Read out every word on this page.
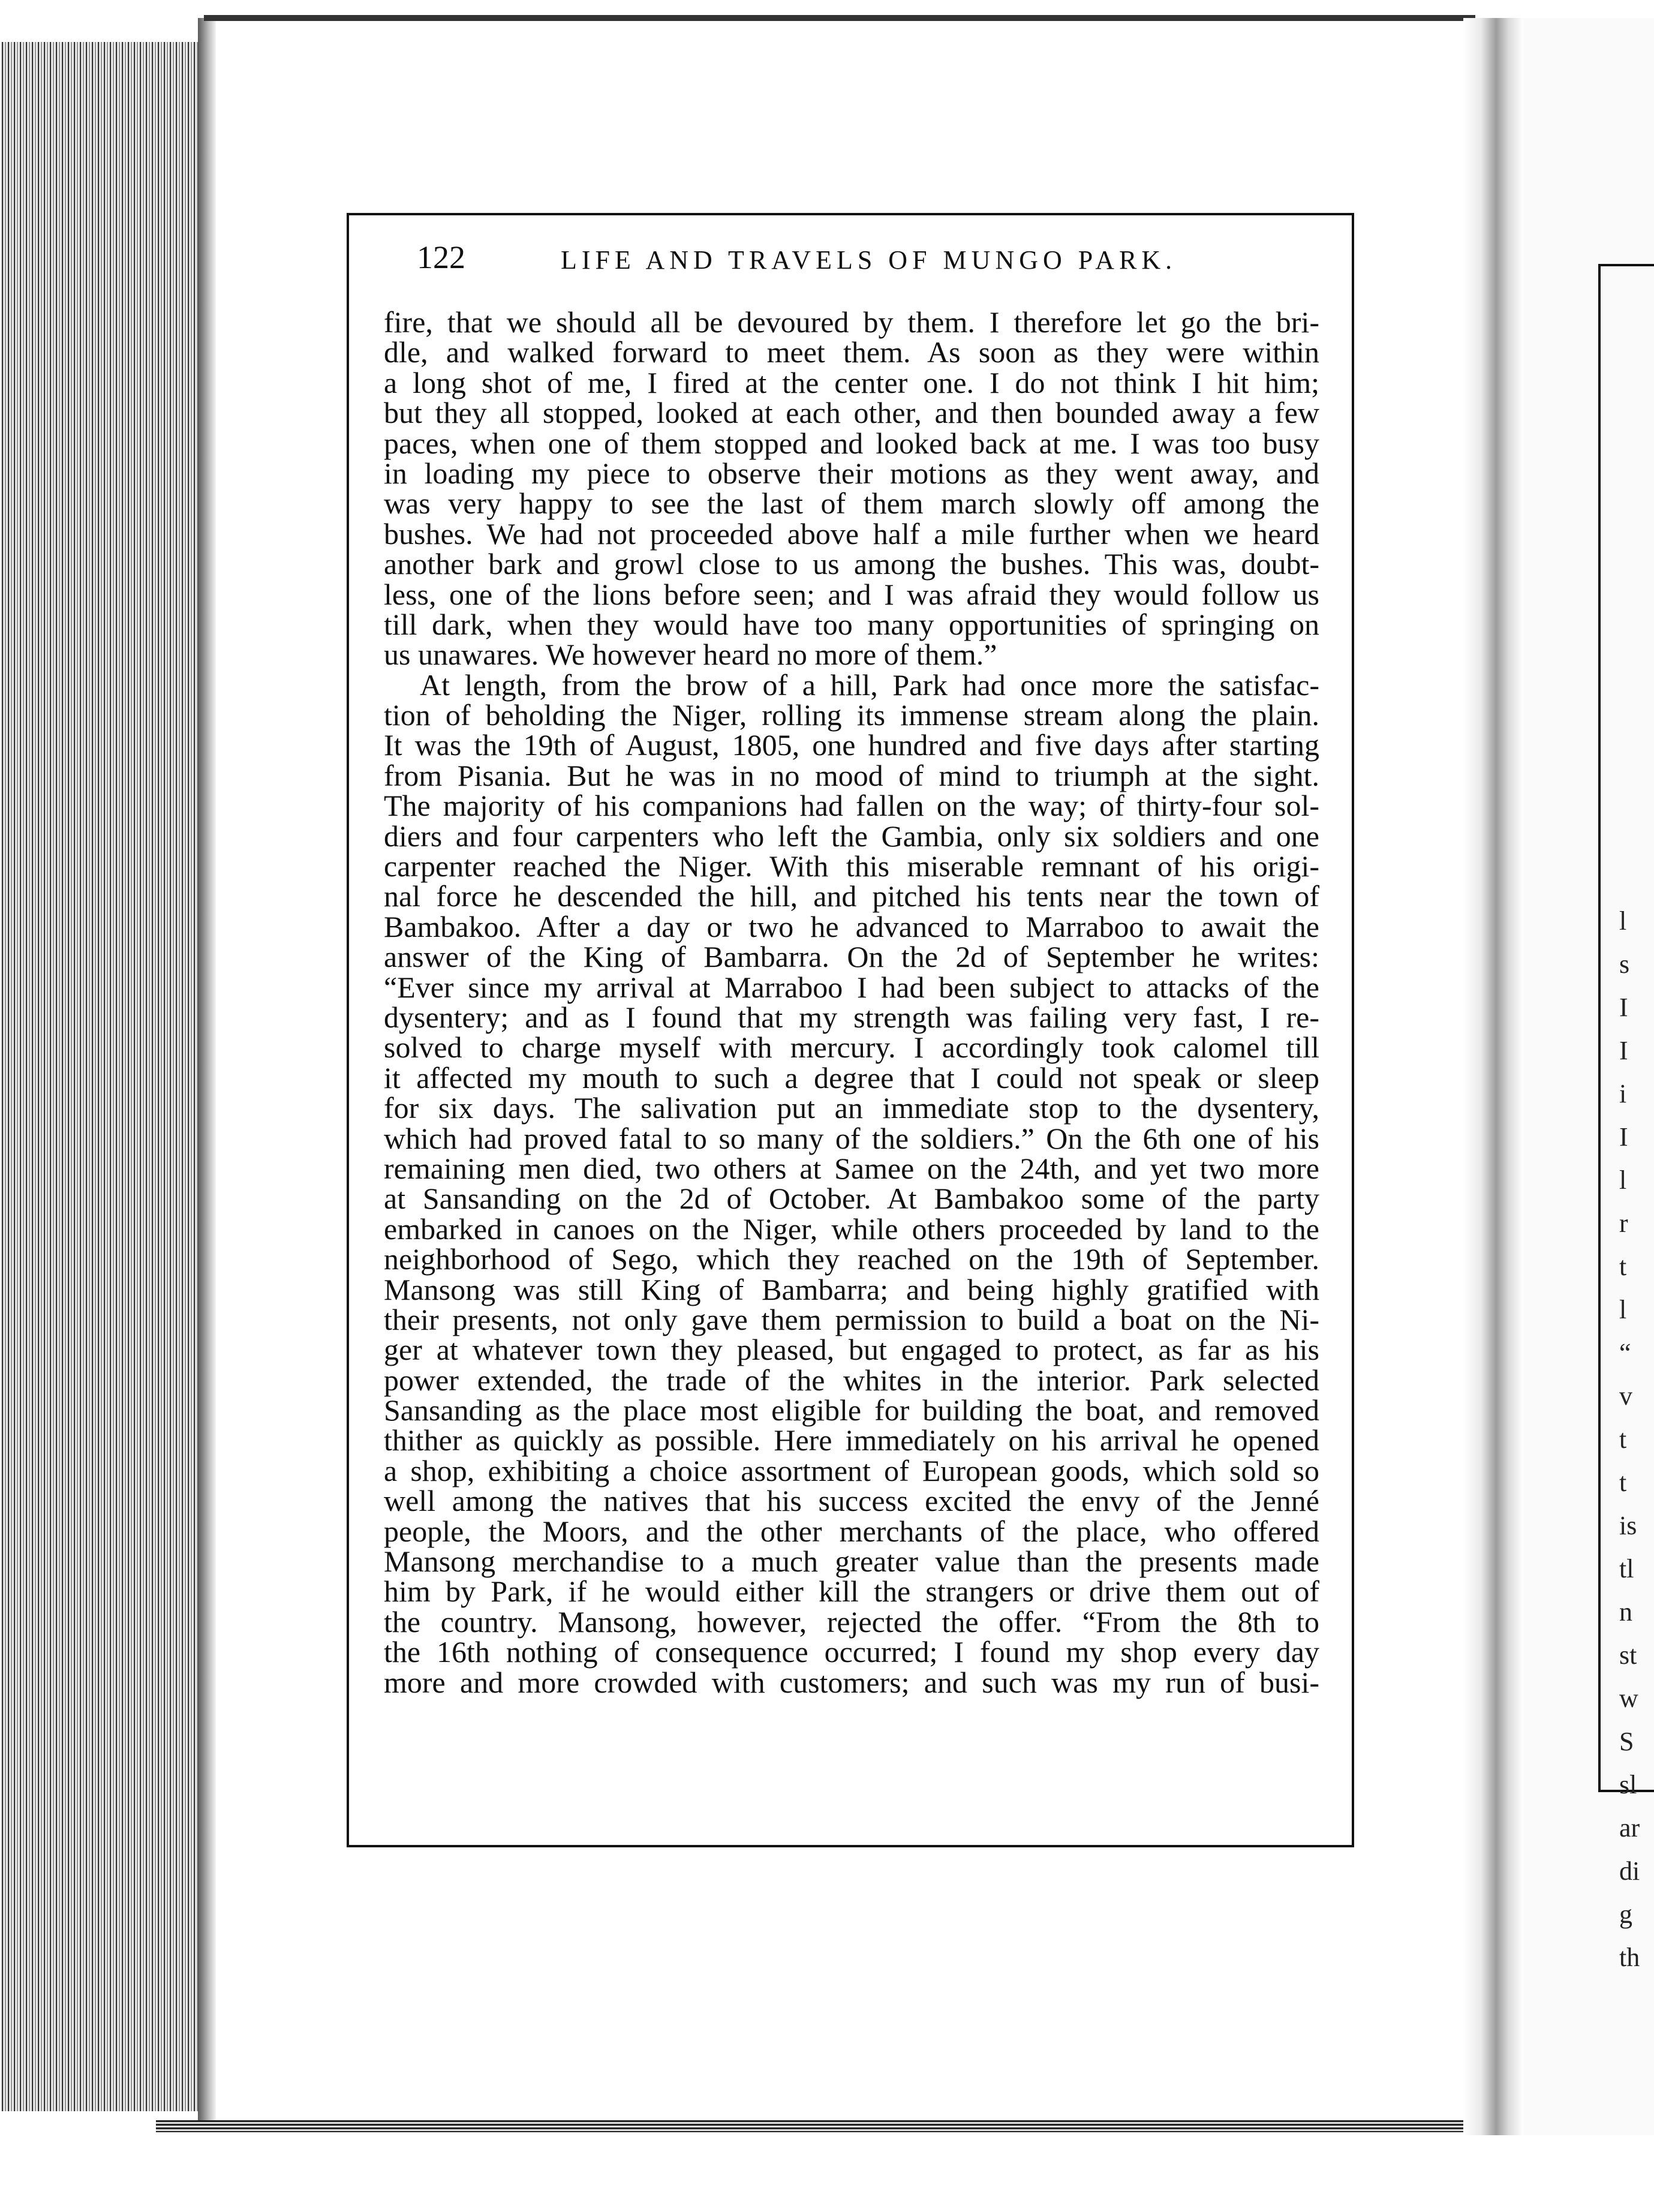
l
s
I
I
i
I
l
r
t
l
“
v
t
t
is
tl
n
st
w
S
sl
ar
di
g
th
122	LIFE AND TRAVELS OF MUNGO PARK.
fire, that we should all be devoured by them. I therefore let go the bri-
dle, and walked forward to meet them. As soon as they were within
a long shot of me, I fired at the center one. I do not think I hit him;
but they all stopped, looked at each other, and then bounded away a few
paces, when one of them stopped and looked back at me. I was too busy
in loading my piece to observe their motions as they went away, and
was very happy to see the last of them march slowly off among the
bushes. We had not proceeded above half a mile further when we heard
another bark and growl close to us among the bushes. This was, doubt-
less, one of the lions before seen; and I was afraid they would follow us
till dark, when they would have too many opportunities of springing on
us unawares. We however heard no more of them.”
At length, from the brow of a hill, Park had once more the satisfac-
tion of beholding the Niger, rolling its immense stream along the plain.
It was the 19th of August, 1805, one hundred and five days after starting
from Pisania. But he was in no mood of mind to triumph at the sight.
The majority of his companions had fallen on the way; of thirty-four sol-
diers and four carpenters who left the Gambia, only six soldiers and one
carpenter reached the Niger. With this miserable remnant of his origi-
nal force he descended the hill, and pitched his tents near the town of
Bambakoo. After a day or two he advanced to Marraboo to await the
answer of the King of Bambarra. On the 2d of September he writes:
“Ever since my arrival at Marraboo I had been subject to attacks of the
dysentery; and as I found that my strength was failing very fast, I re-
solved to charge myself with mercury. I accordingly took calomel till
it affected my mouth to such a degree that I could not speak or sleep
for six days. The salivation put an immediate stop to the dysentery,
which had proved fatal to so many of the soldiers.” On the 6th one of his
remaining men died, two others at Samee on the 24th, and yet two more
at Sansanding on the 2d of October. At Bambakoo some of the party
embarked in canoes on the Niger, while others proceeded by land to the
neighborhood of Sego, which they reached on the 19th of September.
Mansong was still King of Bambarra; and being highly gratified with
their presents, not only gave them permission to build a boat on the Ni-
ger at whatever town they pleased, but engaged to protect, as far as his
power extended, the trade of the whites in the interior. Park selected
Sansanding as the place most eligible for building the boat, and removed
thither as quickly as possible. Here immediately on his arrival he opened
a shop, exhibiting a choice assortment of European goods, which sold so
well among the natives that his success excited the envy of the Jenné
people, the Moors, and the other merchants of the place, who offered
Mansong merchandise to a much greater value than the presents made
him by Park, if he would either kill the strangers or drive them out of
the country. Mansong, however, rejected the offer. “From the 8th to
the 16th nothing of consequence occurred; I found my shop every day
more and more crowded with customers; and such was my run of busi-
